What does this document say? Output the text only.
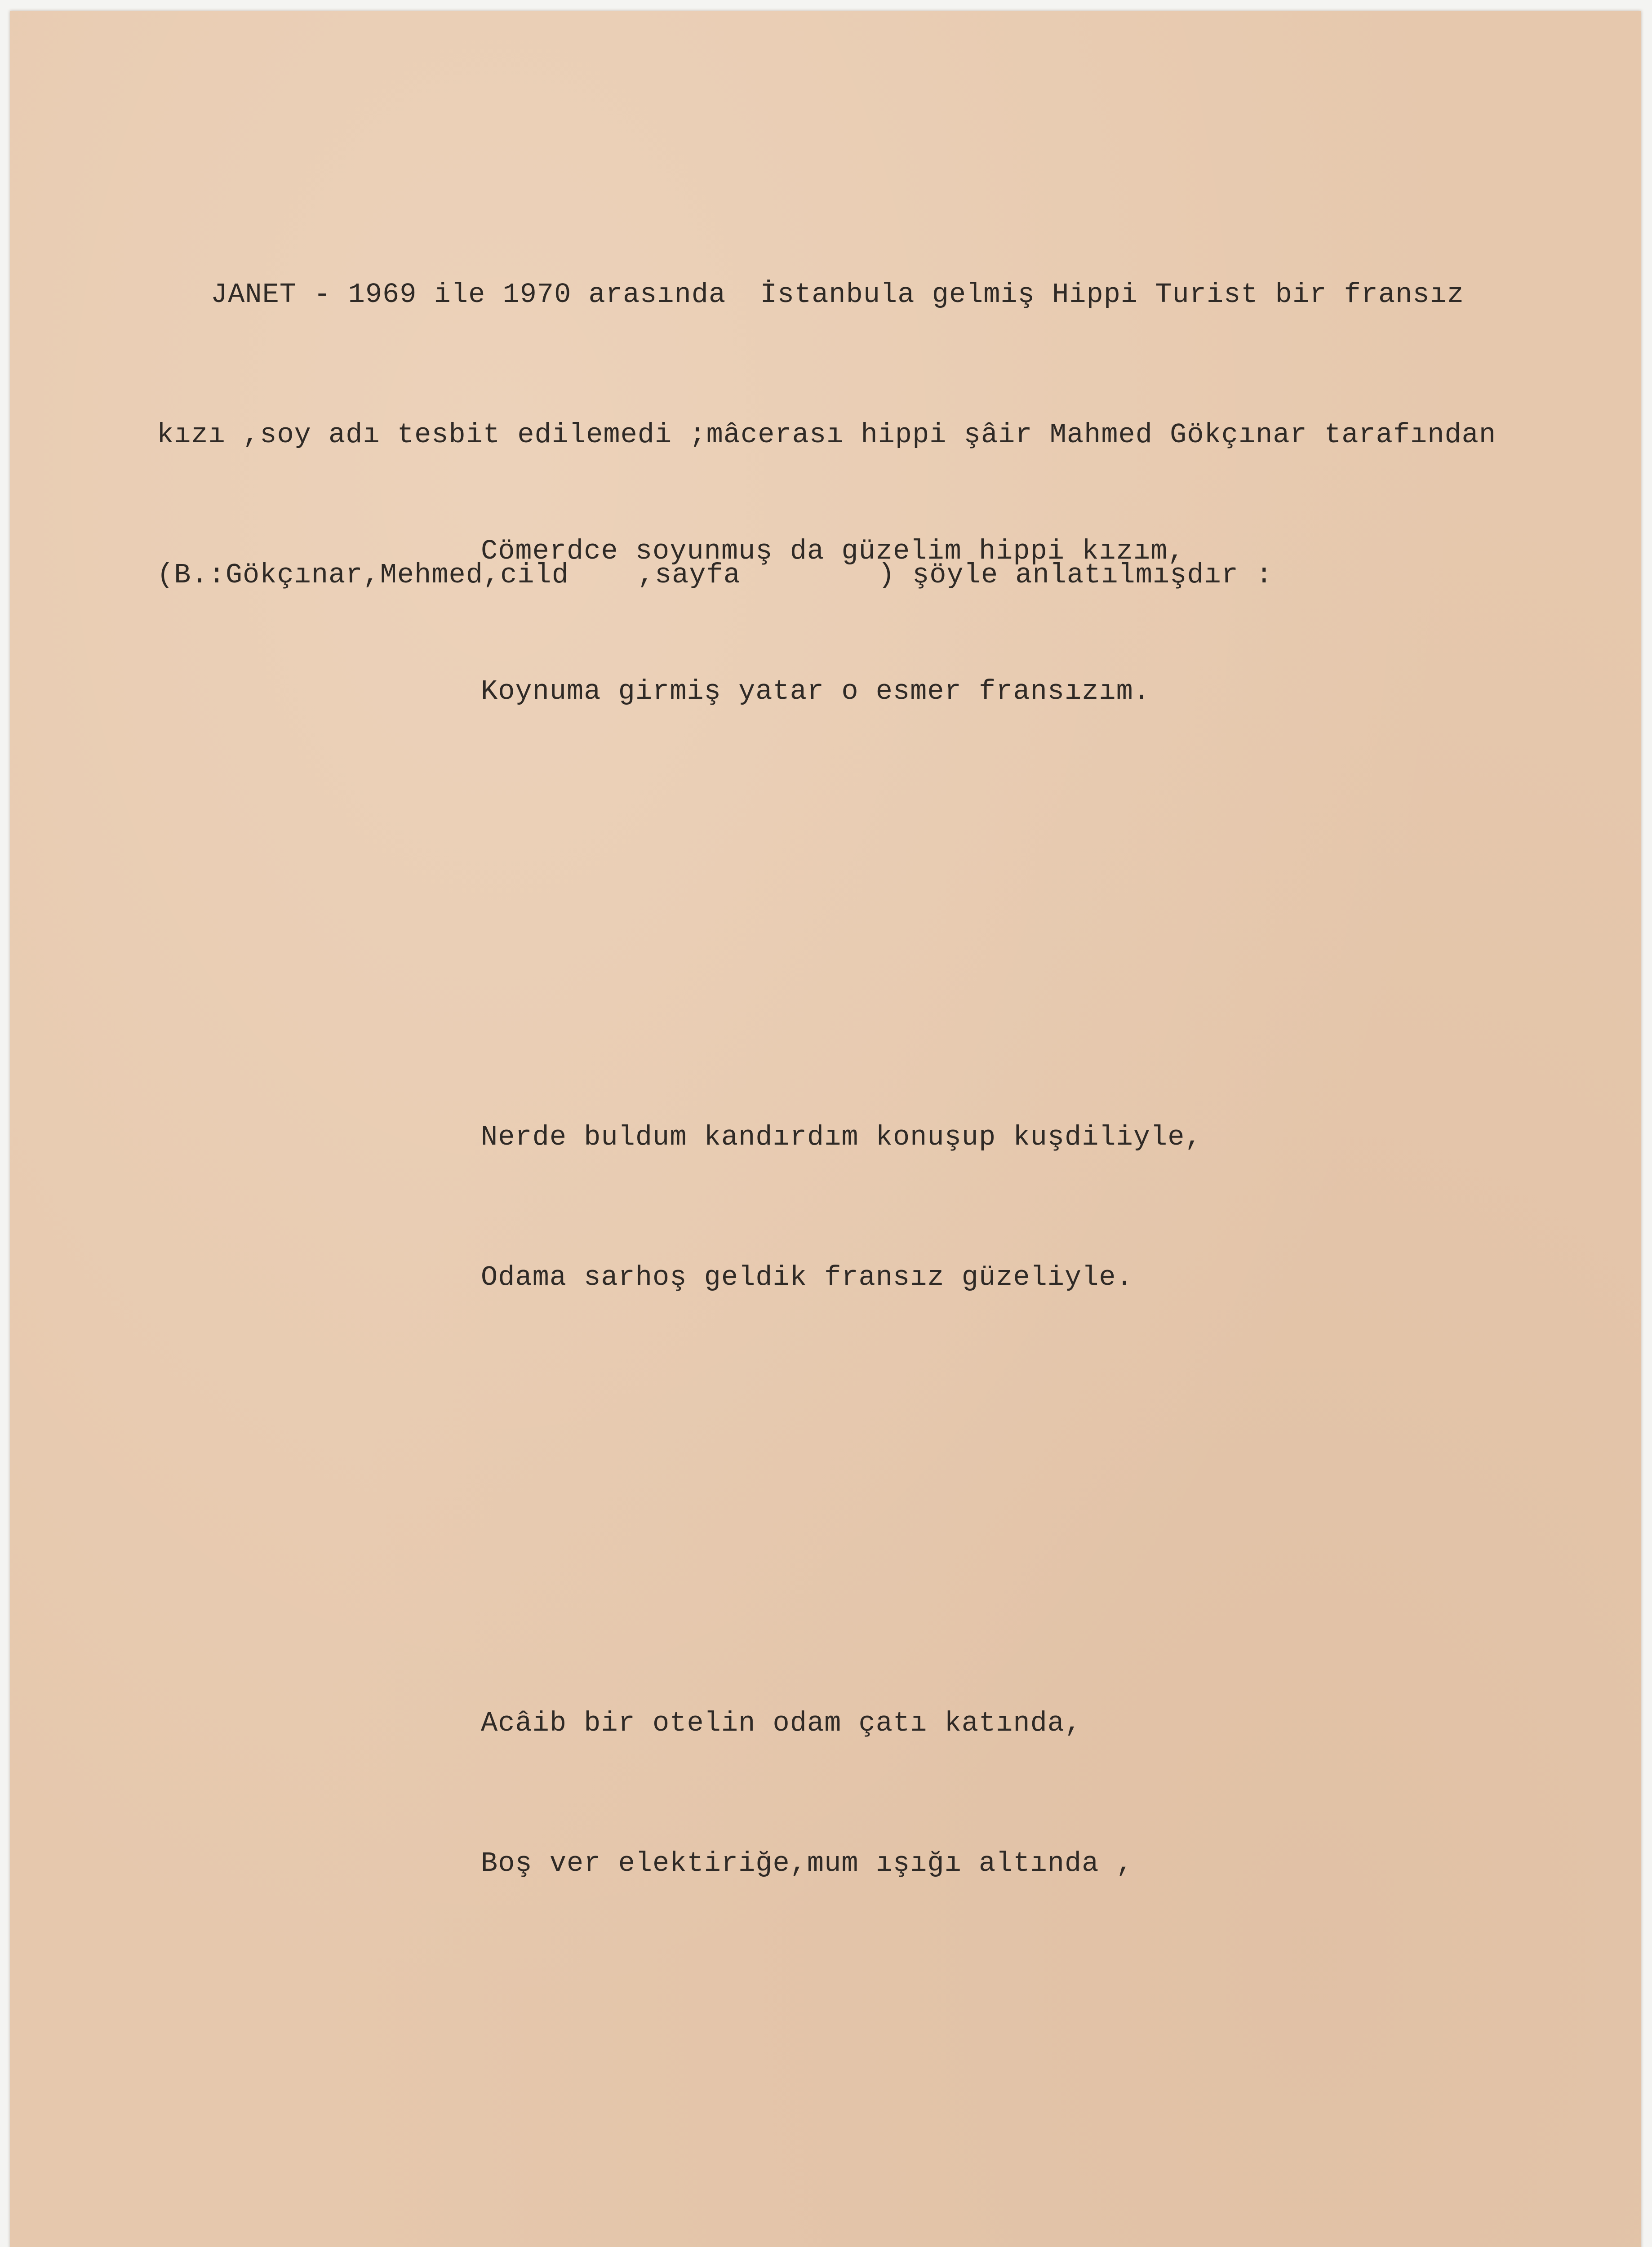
JANET - 1969 ile 1970 arasında  İstanbula gelmiş Hippi Turist bir fransız

kızı ,soy adı tesbit edilemedi ;mâcerası hippi şâir Mahmed Gökçınar tarafından

(B.:Gökçınar,Mehmed,cild    ,sayfa        ) şöyle anlatılmışdır :

Cömerdce soyunmuş da güzelim hippi kızım,

Koynuma girmiş yatar o esmer fransızım.

Nerde buldum kandırdım konuşup kuşdiliyle,

Odama sarhoş geldik fransız güzeliyle.

Acâib bir otelin odam çatı katında,

Boş ver elektiriğe,mum ışığı altında ,
